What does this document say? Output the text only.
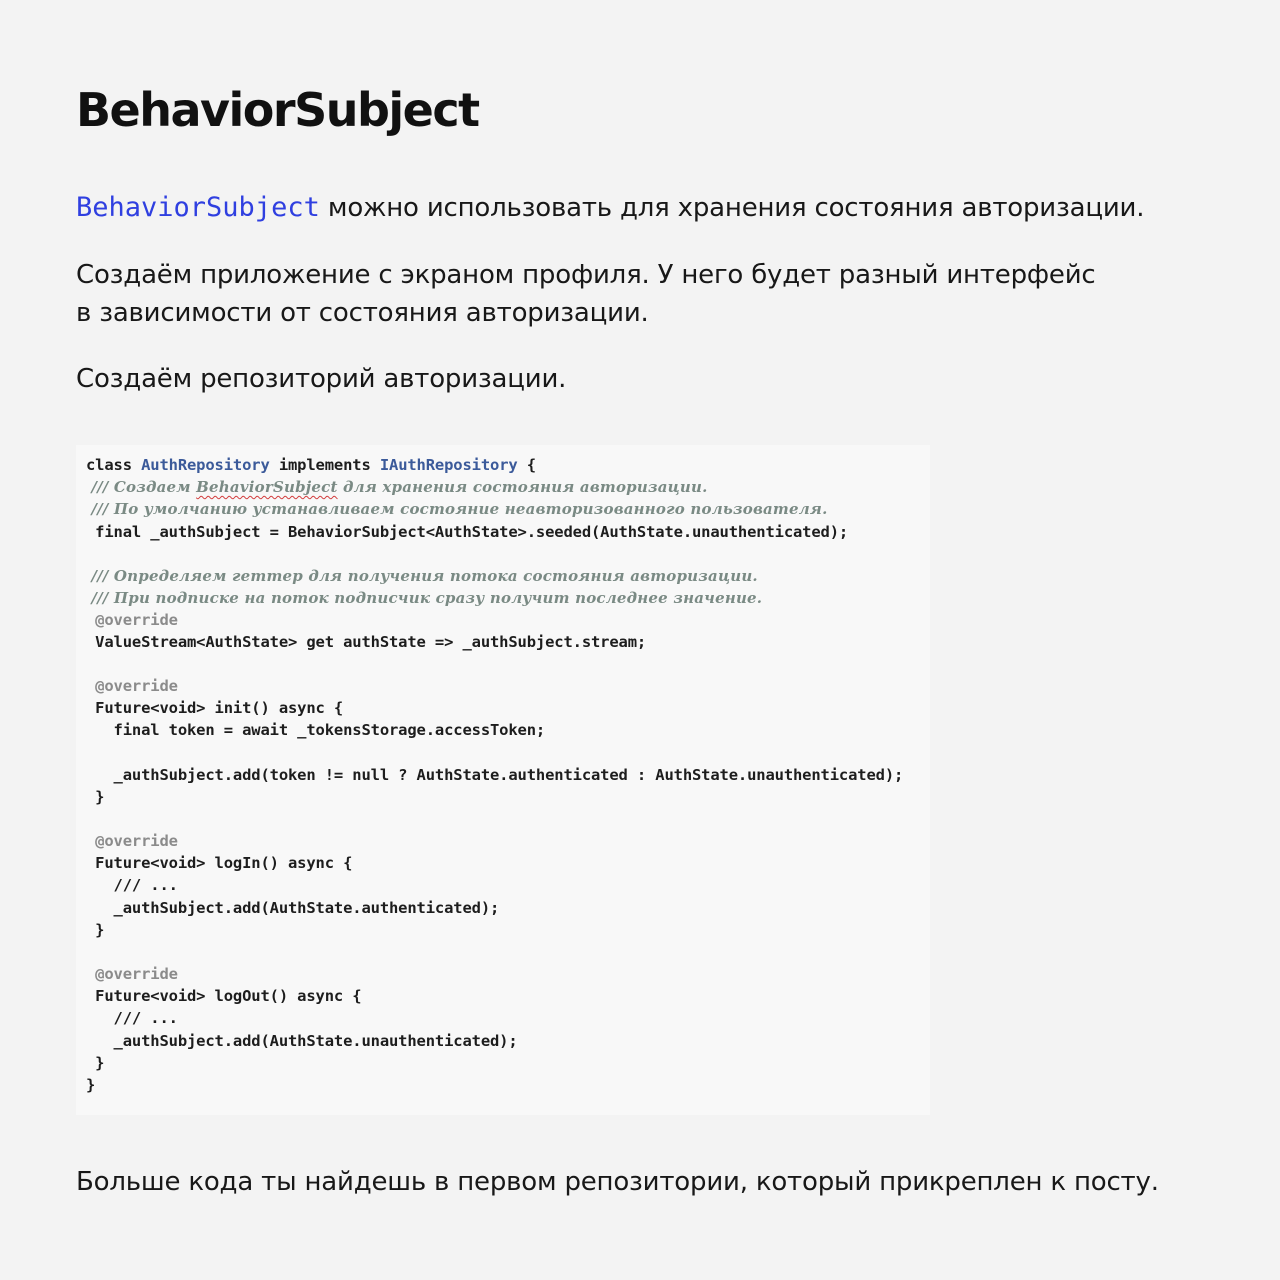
BehaviorSubject

BehaviorSubject можно использовать для хранения состояния авторизации.

Создаём приложение с экраном профиля. У него будет разный интерфейс
в зависимости от состояния авторизации.

Создаём репозиторий авторизации.

class AuthRepository implements IAuthRepository {
/// Создаем BehaviorSubject для хранения состояния авторизации.
/// По умолчанию устанавливаем состояние неавторизованного пользователя.
final _authSubject = BehaviorSubject<AuthState>.seeded(AuthState.unauthenticated);
/// Определяем геттер для получения потока состояния авторизации.
/// При подписке на поток подписчик сразу получит последнее значение.
@override
ValueStream<AuthState> get authState => _authSubject.stream;
@override
Future<void> init() async {
final token = await _tokensStorage.accessToken;
_authSubject.add(token != null ? AuthState.authenticated : AuthState.unauthenticated);
}
@override
Future<void> logIn() async {
/// ...
_authSubject.add(AuthState.authenticated);
}
@override
Future<void> logOut() async {
/// ...
_authSubject.add(AuthState.unauthenticated);
}
}

Больше кода ты найдешь в первом репозитории, который прикреплен к посту.
